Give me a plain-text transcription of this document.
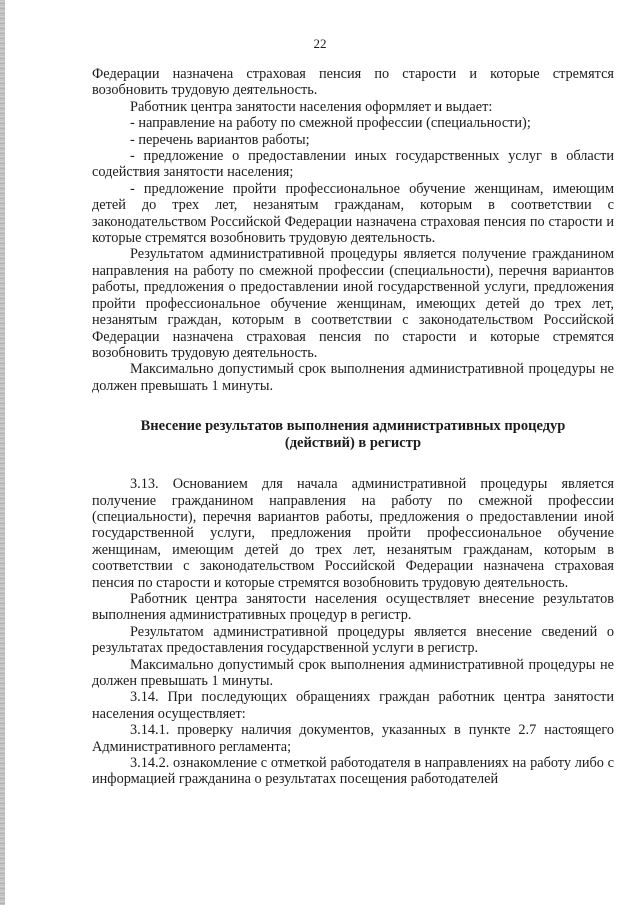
22

Федерации назначена страховая пенсия по старости и которые стремятся возобновить трудовую деятельность.

Работник центра занятости населения оформляет и выдает:

- направление на работу по смежной профессии (специальности);

- перечень вариантов работы;

- предложение о предоставлении иных государственных услуг в области содействия занятости населения;

- предложение пройти профессиональное обучение женщинам, имеющим детей до трех лет, незанятым гражданам, которым в соответствии с законодательством Российской Федерации назначена страховая пенсия по старости и которые стремятся возобновить трудовую деятельность.

Результатом административной процедуры является получение гражданином направления на работу по смежной профессии (специальности), перечня вариантов работы, предложения о предоставлении иной государственной услуги, предложения пройти профессиональное обучение женщинам, имеющих детей до трех лет, незанятым граждан, которым в соответствии с законодательством Российской Федерации назначена страховая пенсия по старости и которые стремятся возобновить трудовую деятельность.

Максимально допустимый срок выполнения административной процедуры не должен превышать 1 минуты.

Внесение результатов выполнения административных процедур
(действий) в регистр

3.13. Основанием для начала административной процедуры является получение гражданином направления на работу по смежной профессии (специальности), перечня вариантов работы, предложения о предоставлении иной государственной услуги, предложения пройти профессиональное обучение женщинам, имеющим детей до трех лет, незанятым гражданам, которым в соответствии с законодательством Российской Федерации назначена страховая пенсия по старости и которые стремятся возобновить трудовую деятельность.

Работник центра занятости населения осуществляет внесение результатов выполнения административных процедур в регистр.

Результатом административной процедуры является внесение сведений о результатах предоставления государственной услуги в регистр.

Максимально допустимый срок выполнения административной процедуры не должен превышать 1 минуты.

3.14. При последующих обращениях граждан работник центра занятости населения осуществляет:

3.14.1. проверку наличия документов, указанных в пункте 2.7 настоящего Административного регламента;

3.14.2. ознакомление с отметкой работодателя в направлениях на работу либо с информацией гражданина о результатах посещения работодателей
